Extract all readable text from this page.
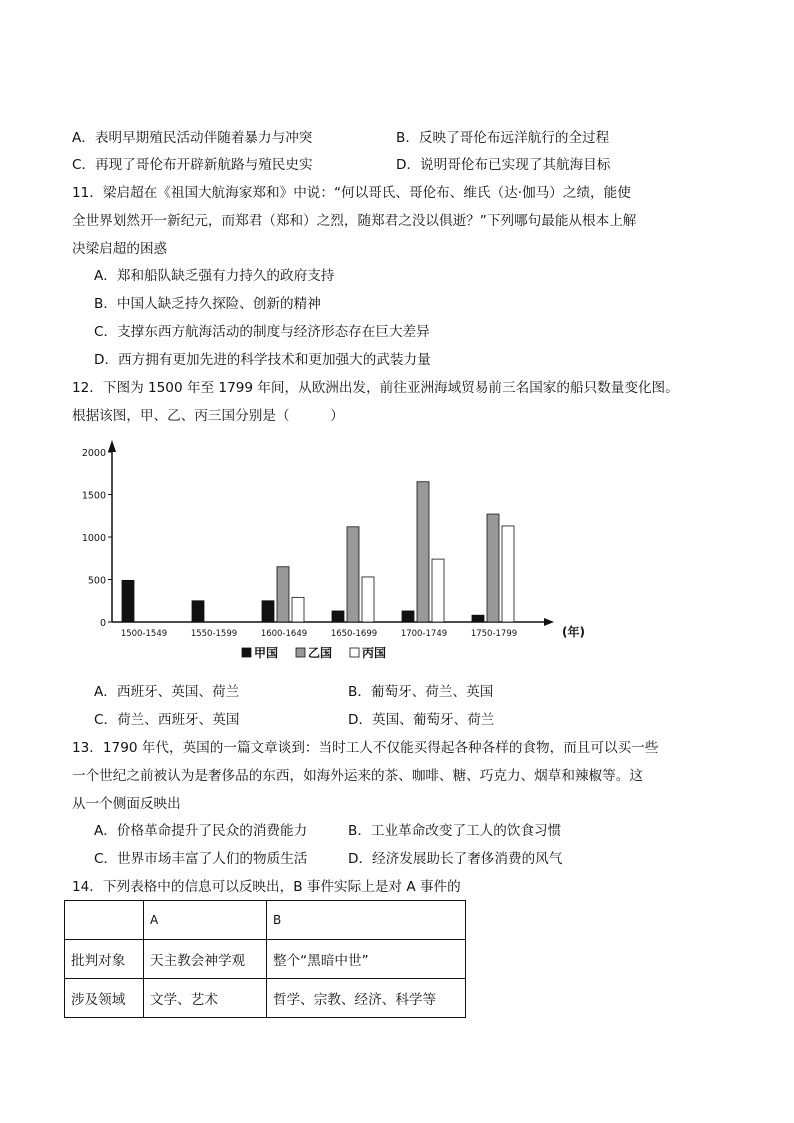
A．表明早期殖民活动伴随着暴力与冲突	B．反映了哥伦布远洋航行的全过程
C．再现了哥伦布开辟新航路与殖民史实	D．说明哥伦布已实现了其航海目标
11．梁启超在《祖国大航海家郑和》中说：“何以哥氏、哥伦布、维氏（达·伽马）之绩，能使
全世界划然开一新纪元，而郑君（郑和）之烈，随郑君之没以俱逝？”下列哪句最能从根本上解
决梁启超的困惑
A．郑和船队缺乏强有力持久的政府支持
B．中国人缺乏持久探险、创新的精神
C．支撑东西方航海活动的制度与经济形态存在巨大差异
D．西方拥有更加先进的科学技术和更加强大的武装力量
12．下图为 1500 年至 1799 年间，从欧洲出发，前往亚洲海域贸易前三名国家的船只数量变化图。
根据该图，甲、乙、丙三国分别是（　　　）
0
500
1000
1500
2000
1500-1549	1550-1599	1600-1649	1650-1699	1700-1749	1750-1799	(年)
甲国 乙国 丙国
A．西班牙、英国、荷兰	B．葡萄牙、荷兰、英国
C．荷兰、西班牙、英国	D．英国、葡萄牙、荷兰
13．1790 年代，英国的一篇文章谈到：当时工人不仅能买得起各种各样的食物，而且可以买一些
一个世纪之前被认为是奢侈品的东西，如海外运来的茶、咖啡、糖、巧克力、烟草和辣椒等。这
从一个侧面反映出
A．价格革命提升了民众的消费能力	B．工业革命改变了工人的饮食习惯
C．世界市场丰富了人们的物质生活	D．经济发展助长了奢侈消费的风气
14．下列表格中的信息可以反映出，B 事件实际上是对 A 事件的
	A	B
批判对象	天主教会神学观	整个“黑暗中世”
涉及领域	文学、艺术	哲学、宗教、经济、科学等
